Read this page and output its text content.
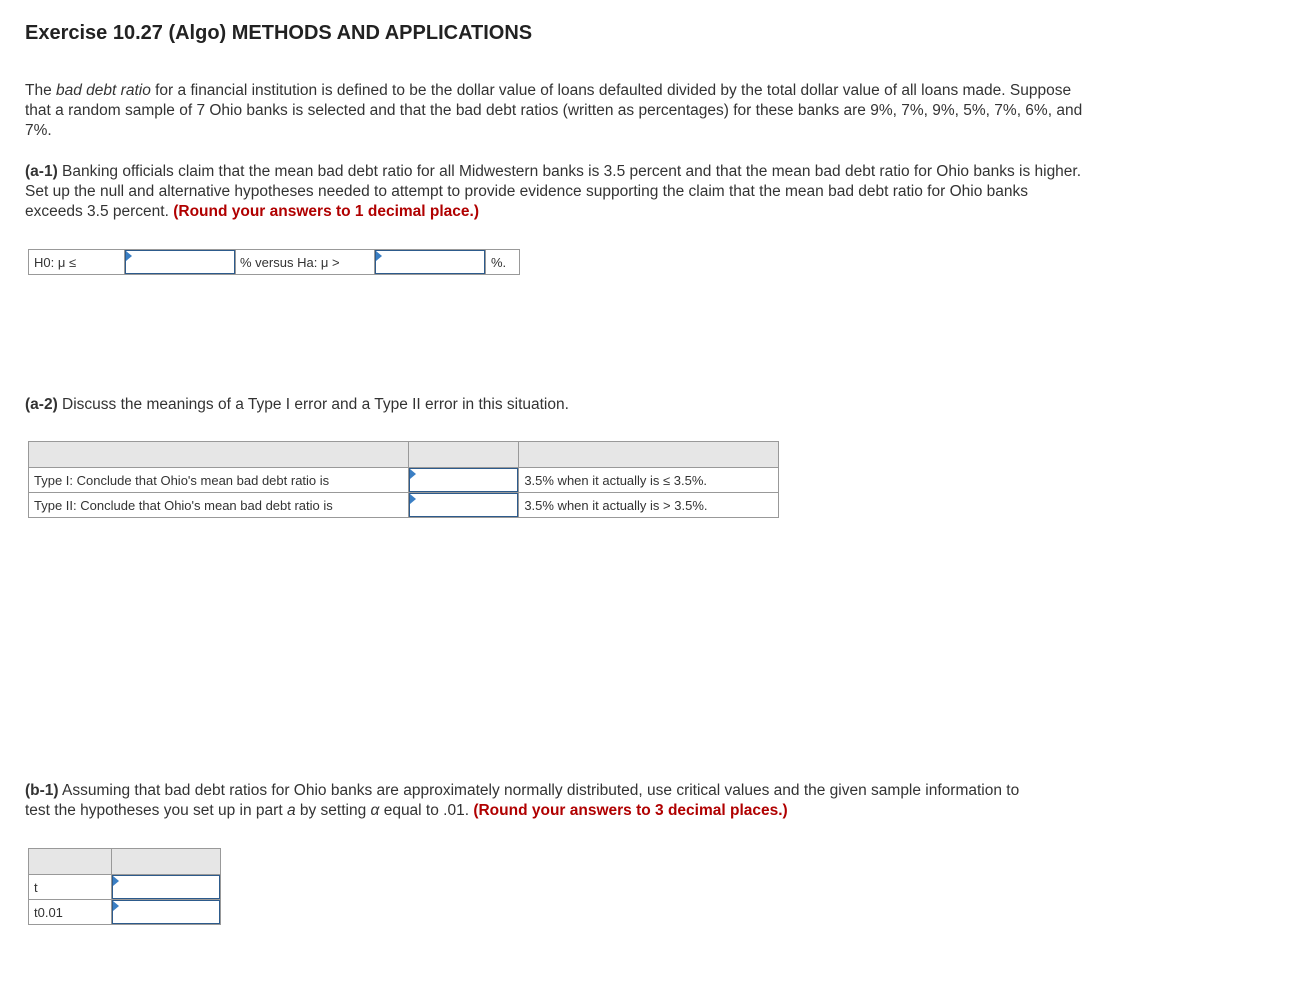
Exercise 10.27 (Algo) METHODS AND APPLICATIONS
The bad debt ratio for a financial institution is defined to be the dollar value of loans defaulted divided by the total dollar value of all loans made. Suppose that a random sample of 7 Ohio banks is selected and that the bad debt ratios (written as percentages) for these banks are 9%, 7%, 9%, 5%, 7%, 6%, and 7%.
(a-1) Banking officials claim that the mean bad debt ratio for all Midwestern banks is 3.5 percent and that the mean bad debt ratio for Ohio banks is higher. Set up the null and alternative hypotheses needed to attempt to provide evidence supporting the claim that the mean bad debt ratio for Ohio banks exceeds 3.5 percent. (Round your answers to 1 decimal place.)
H0: μ ≤	% versus Ha: μ >	%.
(a-2) Discuss the meanings of a Type I error and a Type II error in this situation.

Type I: Conclude that Ohio's mean bad debt ratio is		3.5% when it actually is ≤ 3.5%.
Type II: Conclude that Ohio's mean bad debt ratio is		3.5% when it actually is > 3.5%.
(b-1) Assuming that bad debt ratios for Ohio banks are approximately normally distributed, use critical values and the given sample information to test the hypotheses you set up in part a by setting α equal to .01. (Round your answers to 3 decimal places.)

t	

t0.01	
